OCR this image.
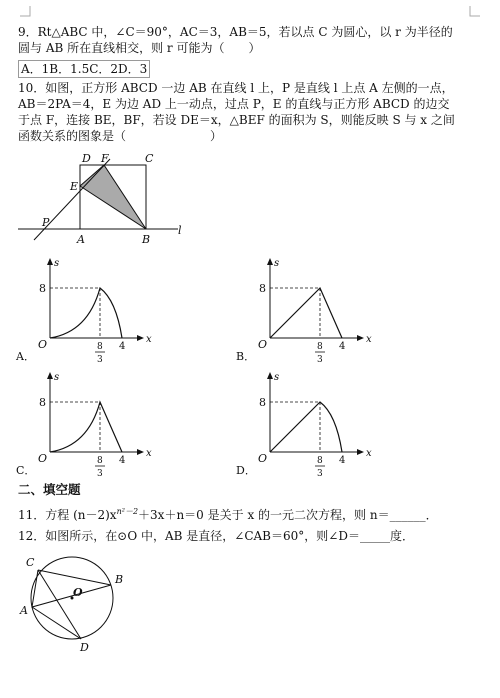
9．Rt△ABC 中，∠C＝90°，AC＝3，AB＝5，若以点 C 为圆心，以 r 为半径的
圆与 AB 所在直线相交，则 r 可能为（　　）
A．1B．1.5C．2D．3
10．如图，正方形 ABCD 一边 AB 在直线 l 上，P 是直线 l 上点 A 左侧的一点，
AB＝2PA＝4，E 为边 AD 上一动点，过点 P，E 的直线与正方形 ABCD 的边交
于点 F，连接 BE，BF，若设 DE＝x，△BEF 的面积为 S，则能反映 S 与 x 之间
函数关系的图象是（　　　　　　　）
D F	C
E
P
A	B
l
s
x
O
8
8
3
4
A．
s
x
O
8
8
3
4
B．
s
x
O
8
8
3
4
C．
s
x
O
8
8
3
4
D．
二、填空题
11．方程 $(n-2)x^{n^2-2}+3x+n=0$ 是关于 x 的一元二次方程，则 n＝______．
12．如图所示，在⊙O 中，AB 是直径，∠CAB＝60°，则∠D＝_____度．
C
B
O
A
D
